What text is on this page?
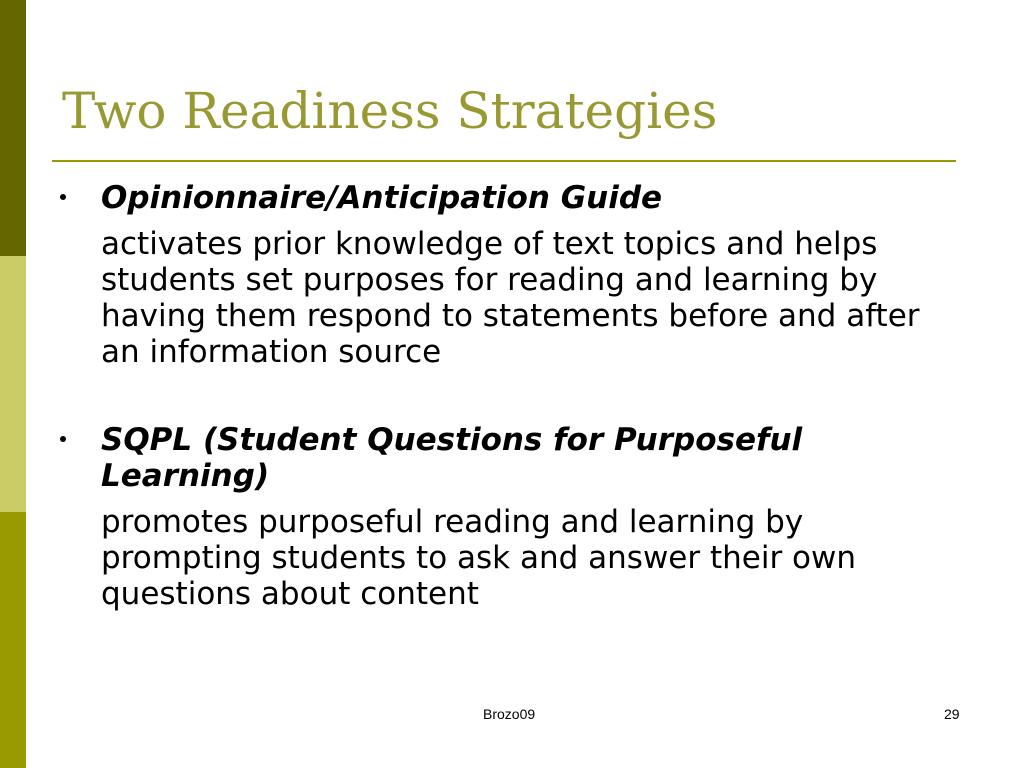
Two Readiness Strategies
Opinionnaire/Anticipation Guide
activates prior knowledge of text topics and helps students set purposes for reading and learning by having them respond to statements before and after an information source
SQPL (Student Questions for Purposeful Learning)
promotes purposeful reading and learning by prompting students to ask and answer their own questions about content
Brozo09	29
